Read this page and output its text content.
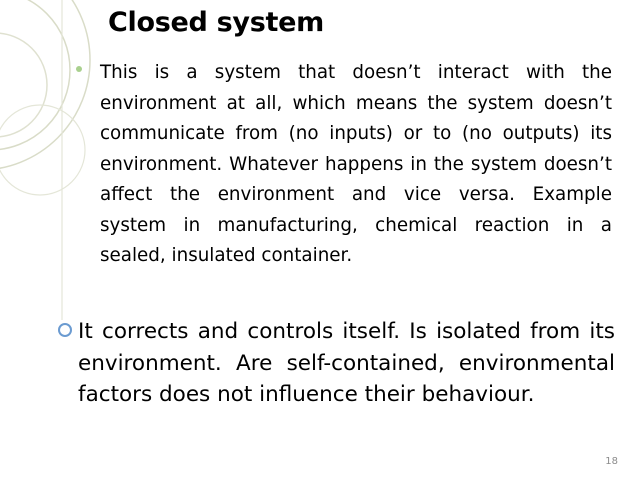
Closed system

This is a system that doesn’t interact with the environment at all, which means the system doesn’t communicate from (no inputs) or to (no outputs) its environment. Whatever happens in the system doesn’t affect the environment and vice versa. Example system in manufacturing, chemical reaction in a sealed, insulated container.

It corrects and controls itself. Is isolated from its environment. Are self-contained, environmental factors does not influence their behaviour.

18
